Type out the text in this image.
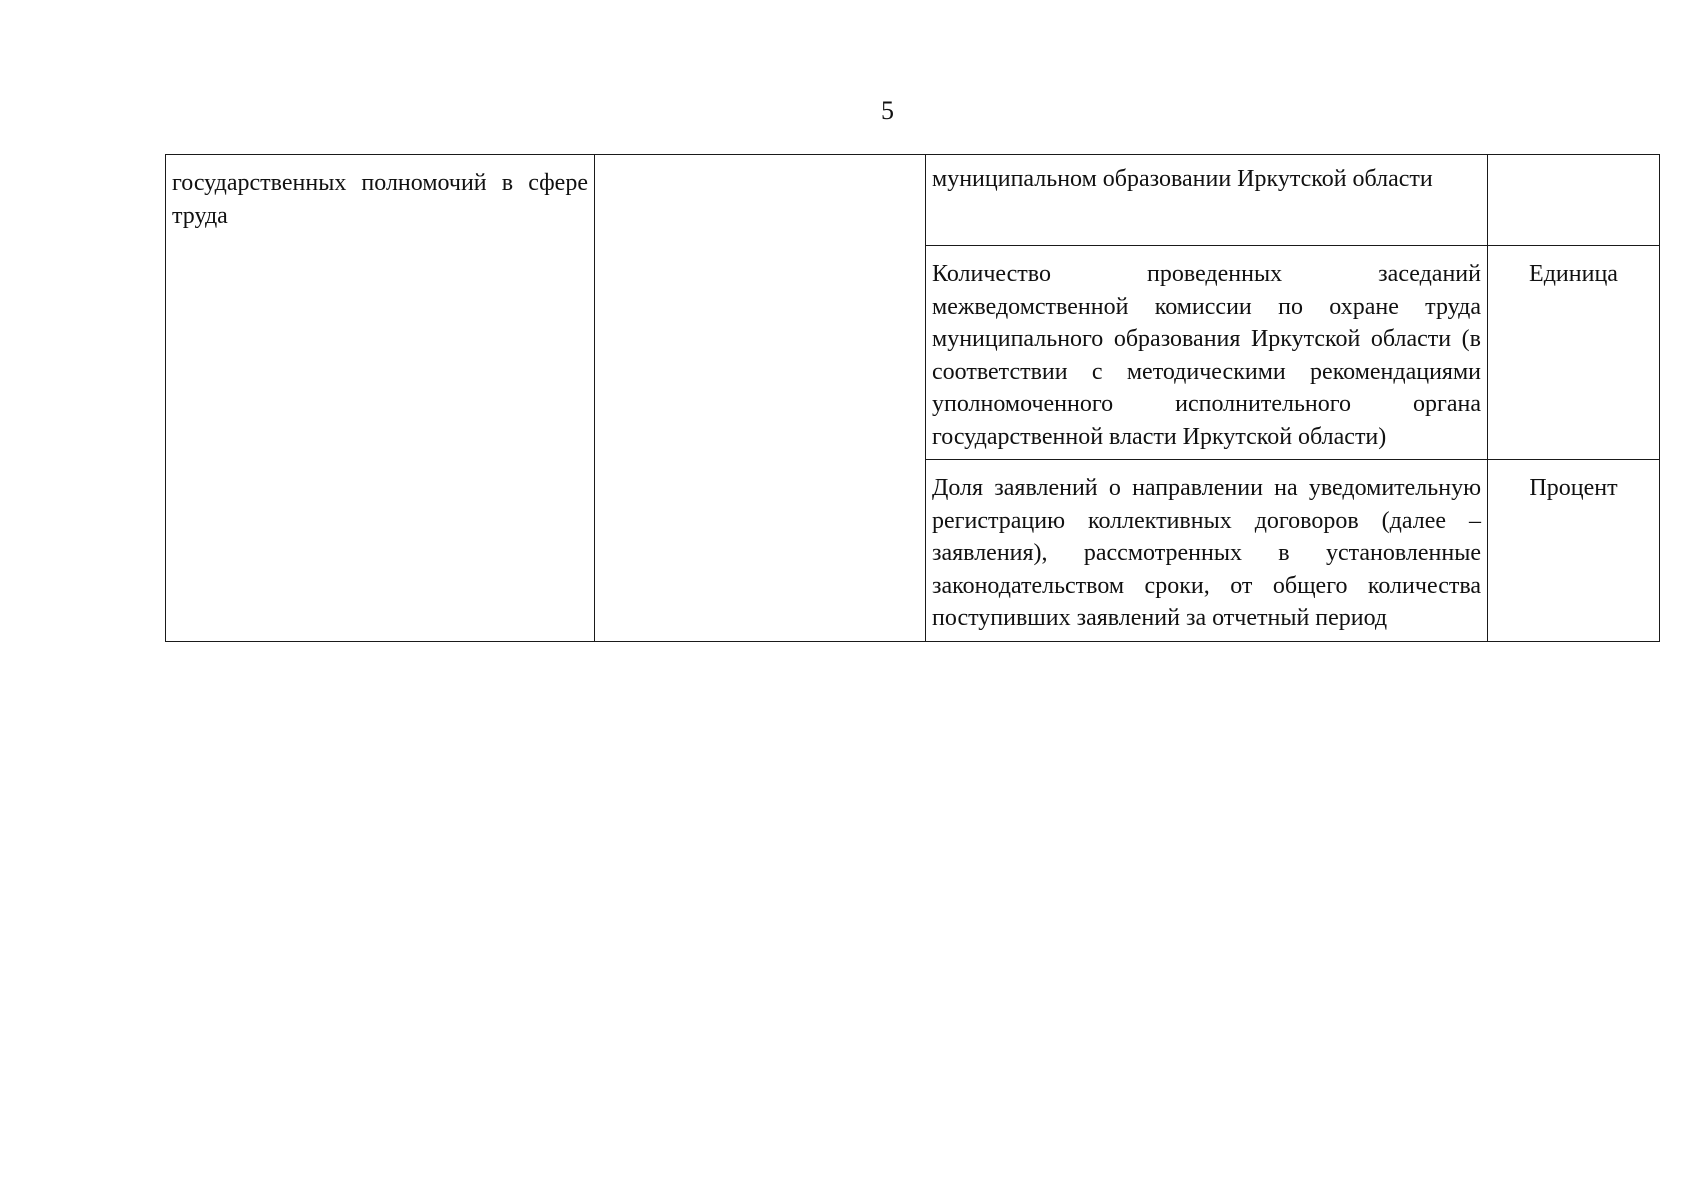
5
государственных полномочий в сфере труда		муниципальном образовании Иркутской области	
		Количество проведенных заседаний межведомственной комиссии по охране труда муниципального образования Иркутской области (в соответствии с методическими рекомендациями уполномоченного исполнительного органа государственной власти Иркутской области)	Единица
		Доля заявлений о направлении на уведомительную регистрацию коллективных договоров (далее – заявления), рассмотренных в установленные законодательством сроки, от общего количества поступивших заявлений за отчетный период	Процент
